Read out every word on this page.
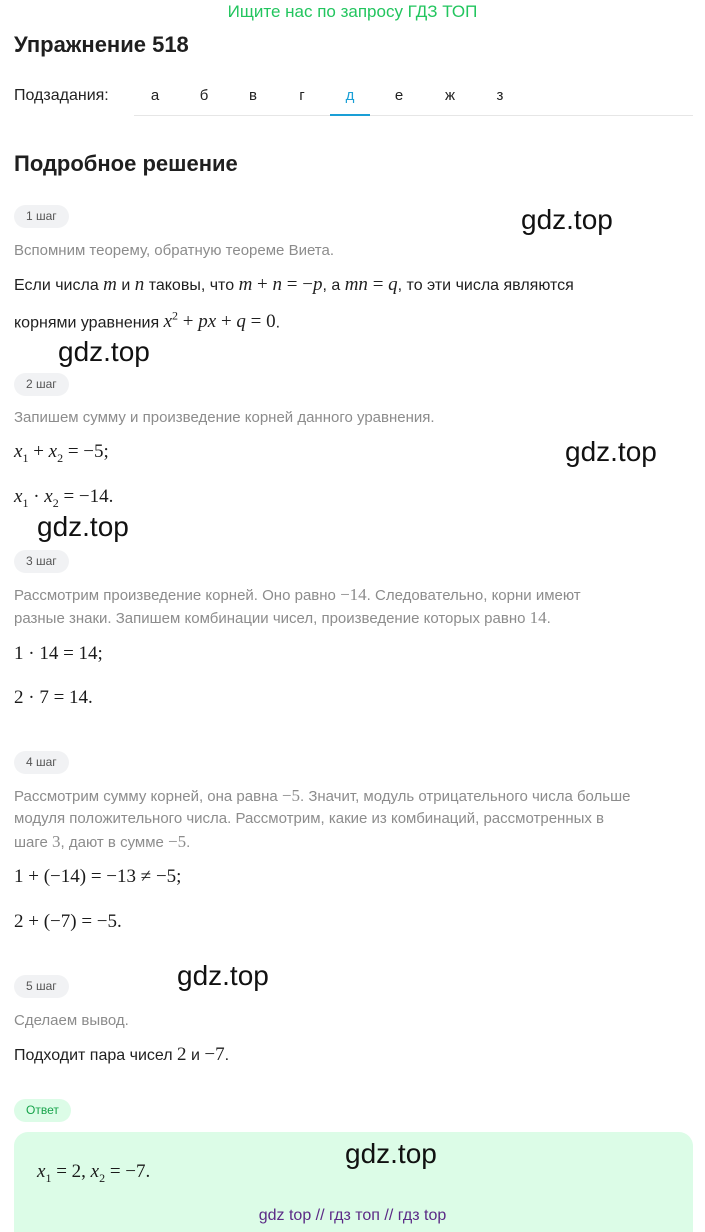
Ищите нас по запросу ГДЗ ТОП
Упражнение 518
Подзадания:	а	б	в	г	д	е	ж	з
Подробное решение
1 шаг	gdz.top
Вспомним теорему, обратную теореме Виета.
Если числа m и n таковы, что m + n = −p, а mn = q, то эти числа являются
корнями уравнения $x^2$ + px + q = 0.
gdz.top
2 шаг
Запишем сумму и произведение корней данного уравнения.
$x_1 + x_2 = -5$;	gdz.top
$x_1 \cdot x_2 = -14$.
gdz.top
3 шаг
Рассмотрим произведение корней. Оно равно −14. Следовательно, корни имеют
разные знаки. Запишем комбинации чисел, произведение которых равно 14.
1 · 14 = 14;
2 · 7 = 14.
4 шаг
Рассмотрим сумму корней, она равна −5. Значит, модуль отрицательного числа больше
модуля положительного числа. Рассмотрим, какие из комбинаций, рассмотренных в
шаге 3, дают в сумме −5.
1 + (−14) = −13 ≠ −5;
2 + (−7) = −5.
gdz.top
5 шаг
Сделаем вывод.
Подходит пара чисел 2 и −7.
Ответ
$x_1 = 2$, $x_2 = -7$.
gdz.top
gdz top // гдз топ // гдз top
